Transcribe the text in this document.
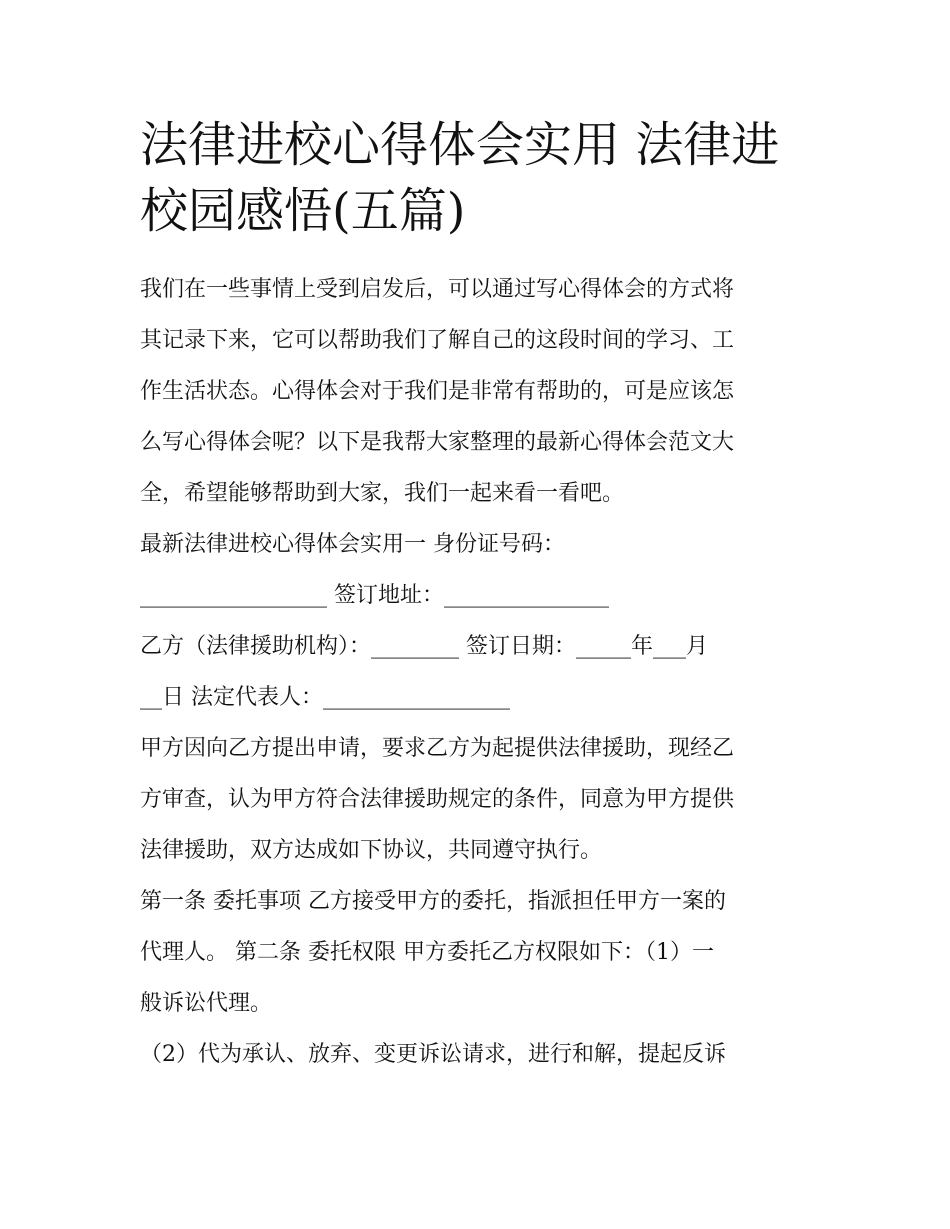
法律进校心得体会实用 法律进
校园感悟(五篇)

我们在一些事情上受到启发后，可以通过写心得体会的方式将

其记录下来，它可以帮助我们了解自己的这段时间的学习、工

作生活状态。心得体会对于我们是非常有帮助的，可是应该怎

么写心得体会呢？以下是我帮大家整理的最新心得体会范文大

全，希望能够帮助到大家，我们一起来看一看吧。

最新法律进校心得体会实用一 身份证号码：

_________________ 签订地址：_______________

乙方（法律援助机构）：________ 签订日期：_____年___月

__日 法定代表人：_________________

甲方因向乙方提出申请，要求乙方为起提供法律援助，现经乙

方审查，认为甲方符合法律援助规定的条件，同意为甲方提供

法律援助，双方达成如下协议，共同遵守执行。

第一条 委托事项 乙方接受甲方的委托，指派担任甲方一案的

代理人。 第二条 委托权限 甲方委托乙方权限如下：（1）一

般诉讼代理。

（2）代为承认、放弃、变更诉讼请求，进行和解，提起反诉
